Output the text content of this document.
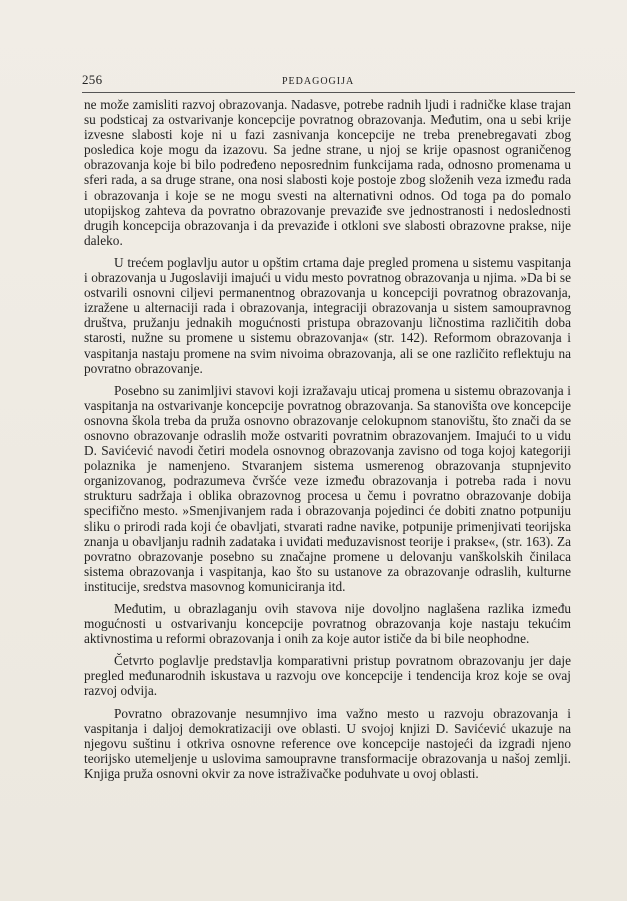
256	PEDAGOGIJA

ne može zamisliti razvoj obrazovanja. Nadasve, potrebe radnih ljudi i radničke klase trajan su podsticaj za ostvarivanje koncepcije povratnog obrazovanja. Međutim, ona u sebi krije izvesne slabosti koje ni u fazi zasnivanja koncepcije ne treba prenebregavati zbog posledica koje mogu da izazovu. Sa jedne strane, u njoj se krije opasnost ograničenog obrazovanja koje bi bilo podređeno neposrednim funkcijama rada, odnosno promenama u sferi rada, a sa druge strane, ona nosi slabosti koje postoje zbog složenih veza između rada i obrazovanja i koje se ne mogu svesti na alternativni odnos. Od toga pa do pomalo utopijskog zahteva da povratno obrazovanje prevaziđe sve jednostranosti i nedoslednosti drugih koncepcija obrazovanja i da prevaziđe i otkloni sve slabosti obrazovne prakse, nije daleko.

U trećem poglavlju autor u opštim crtama daje pregled promena u sistemu vaspitanja i obrazovanja u Jugoslaviji imajući u vidu mesto povratnog obrazovanja u njima. »Da bi se ostvarili osnovni ciljevi permanentnog obrazovanja u koncepciji povratnog obrazovanja, izražene u alternaciji rada i obrazovanja, integraciji obrazovanja u sistem samoupravnog društva, pružanju jednakih mogućnosti pristupa obrazovanju ličnostima različitih doba starosti, nužne su promene u sistemu obrazovanja« (str. 142). Reformom obrazovanja i vaspitanja nastaju promene na svim nivoima obrazovanja, ali se one različito reflektuju na povratno obrazovanje.

Posebno su zanimljivi stavovi koji izražavaju uticaj promena u sistemu obrazovanja i vaspitanja na ostvarivanje koncepcije povratnog obrazovanja. Sa stanovišta ove koncepcije osnovna škola treba da pruža osnovno obrazovanje celokupnom stanovištu, što znači da se osnovno obrazovanje odraslih može ostvariti povratnim obrazovanjem. Imajući to u vidu D. Savićević navodi četiri modela osnovnog obrazovanja zavisno od toga kojoj kategoriji polaznika je namenjeno. Stvaranjem sistema usmerenog obrazovanja stupnjevito organizovanog, podrazumeva čvršće veze između obrazovanja i potreba rada i novu strukturu sadržaja i oblika obrazovnog procesa u čemu i povratno obrazovanje dobija specifično mesto. »Smenjivanjem rada i obrazovanja pojedinci će dobiti znatno potpuniju sliku o prirodi rada koji će obavljati, stvarati radne navike, potpunije primenjivati teorijska znanja u obavljanju radnih zadataka i uviđati međuzavisnost teorije i prakse«, (str. 163). Za povratno obrazovanje posebno su značajne promene u delovanju vanškolskih činilaca sistema obrazovanja i vaspitanja, kao što su ustanove za obrazovanje odraslih, kulturne institucije, sredstva masovnog komuniciranja itd.

Međutim, u obrazlaganju ovih stavova nije dovoljno naglašena razlika između mogućnosti u ostvarivanju koncepcije povratnog obrazovanja koje nastaju tekućim aktivnostima u reformi obrazovanja i onih za koje autor ističe da bi bile neophodne.

Četvrto poglavlje predstavlja komparativni pristup povratnom obrazovanju jer daje pregled međunarodnih iskustava u razvoju ove koncepcije i tendencija kroz koje se ovaj razvoj odvija.

Povratno obrazovanje nesumnjivo ima važno mesto u razvoju obrazovanja i vaspitanja i daljoj demokratizaciji ove oblasti. U svojoj knjizi D. Savićević ukazuje na njegovu suštinu i otkriva osnovne reference ove koncepcije nastojeći da izgradi njeno teorijsko utemeljenje u uslovima samoupravne transformacije obrazovanja u našoj zemlji. Knjiga pruža osnovni okvir za nove istraživačke poduhvate u ovoj oblasti.
